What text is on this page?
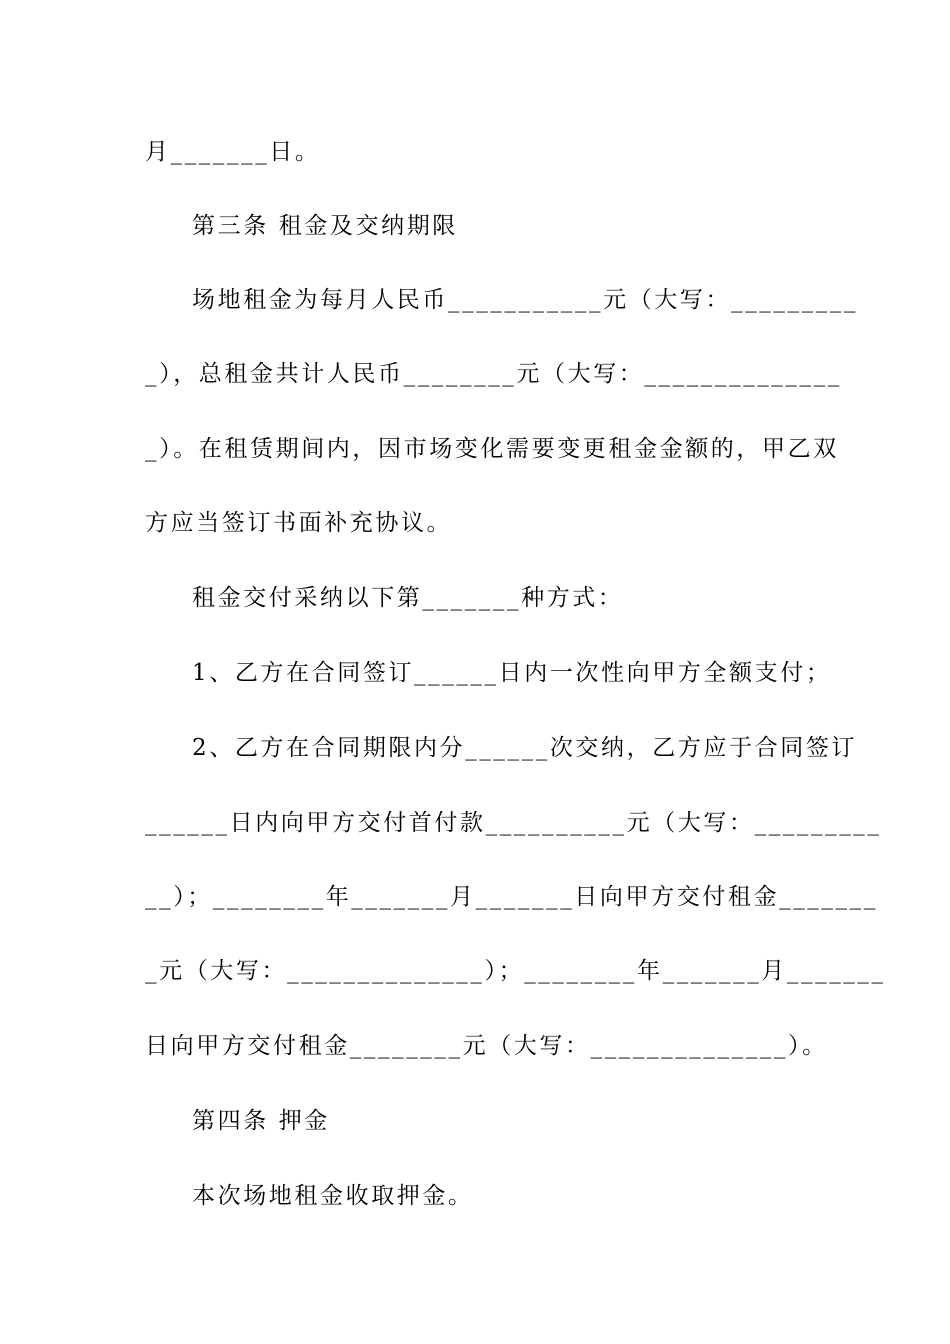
月_______日。
第三条 租金及交纳期限
场地租金为每月人民币___________元（大写：_________
_），总租金共计人民币________元（大写：______________
_）。在租赁期间内，因市场变化需要变更租金金额的，甲乙双
方应当签订书面补充协议。
租金交付采纳以下第_______种方式：
1、乙方在合同签订______日内一次性向甲方全额支付；
2、乙方在合同期限内分______次交纳，乙方应于合同签订
______日内向甲方交付首付款__________元（大写：_________
__）；________年_______月_______日向甲方交付租金_______
_元（大写：______________）；________年_______月_______
日向甲方交付租金________元（大写：______________）。
第四条 押金
本次场地租金收取押金。
